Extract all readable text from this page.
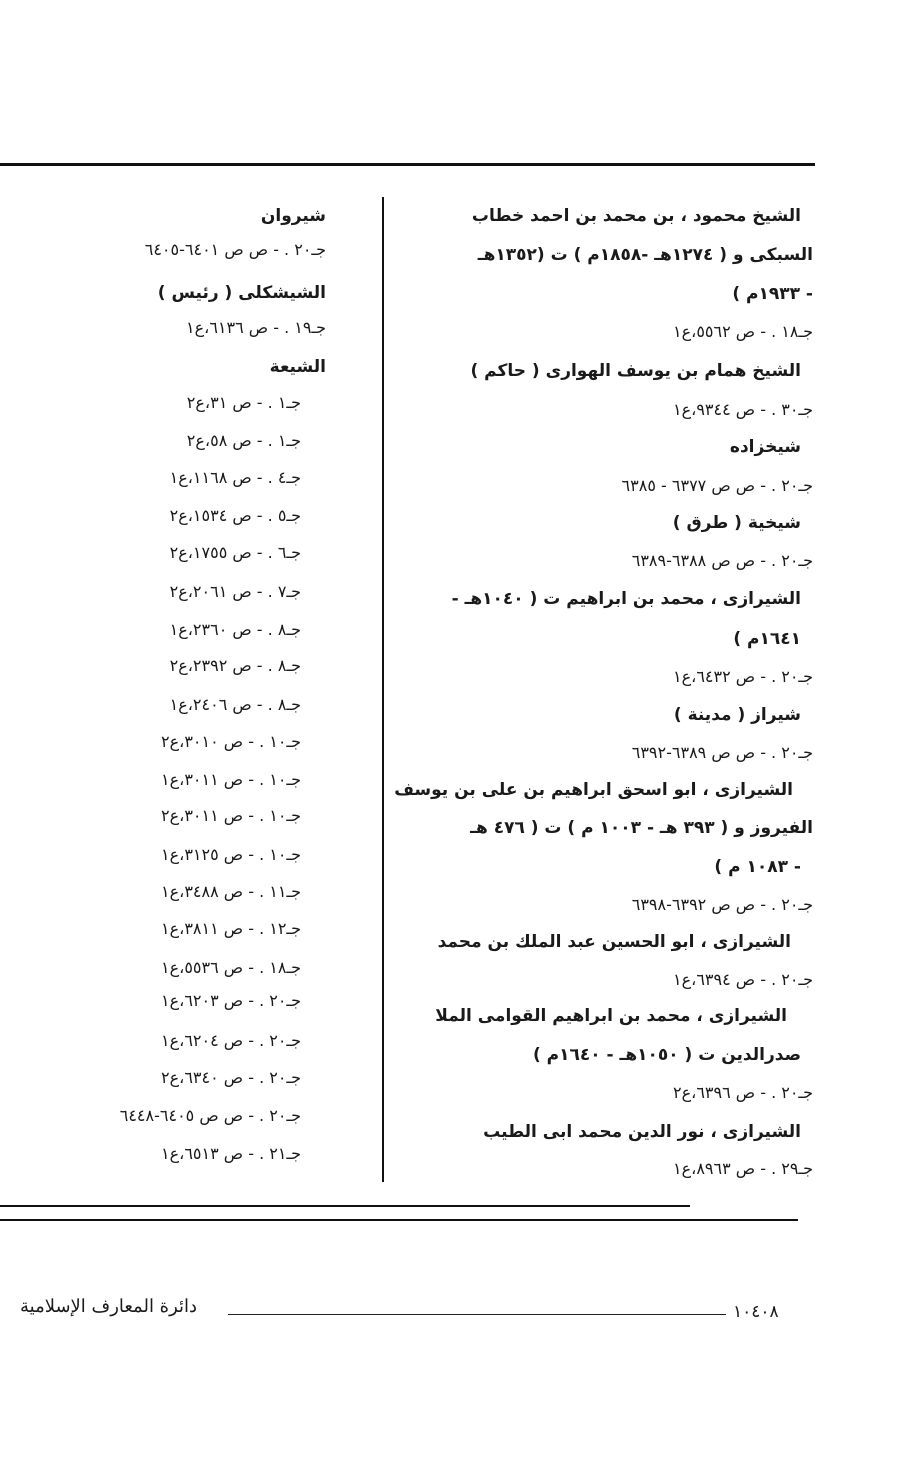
الشيخ محمود ، بن محمد بن احمد خطاب
السبكى و ( ١٢٧٤هـ -١٨٥٨م ) ت (١٣٥٢هـ
- ١٩٣٣م )
جـ١٨ . - ص ٥٥٦٢،ع١
الشيخ همام بن يوسف الهوارى ( حاكم )
جـ٣٠ . - ص ٩٣٤٤،ع١
شيخزاده
جـ٢٠ . - ص ص ٦٣٧٧ - ٦٣٨٥
شيخية ( طرق )
جـ٢٠ . - ص ص ٦٣٨٨-٦٣٨٩
الشيرازى ، محمد بن ابراهيم ت ( ١٠٤٠هـ -
١٦٤١م )
جـ٢٠ . - ص ٦٤٣٢،ع١
شيراز ( مدينة )
جـ٢٠ . - ص ص ٦٣٨٩-٦٣٩٢
الشيرازى ، ابو اسحق ابراهيم بن على بن يوسف
الفيروز و ( ٣٩٣ هـ - ١٠٠٣ م ) ت ( ٤٧٦ هـ
- ١٠٨٣ م )
جـ٢٠ . - ص ص ٦٣٩٢-٦٣٩٨
الشيرازى ، ابو الحسين عبد الملك بن محمد
جـ٢٠ . - ص ٦٣٩٤،ع١
الشيرازى ، محمد بن ابراهيم القوامى الملا
صدرالدين ت ( ١٠٥٠هـ - ١٦٤٠م )
جـ٢٠ . - ص ٦٣٩٦،ع٢
الشيرازى ، نور الدين محمد ابى الطيب
جـ٢٩ . - ص ٨٩٦٣،ع١
شيروان
جـ٢٠ . - ص ص ٦٤٠١-٦٤٠٥
الشيشكلى ( رئيس )
جـ١٩ . - ص ٦١٣٦،ع١
الشيعة
جـ١ . - ص ٣١،ع٢
جـ١ . - ص ٥٨،ع٢
جـ٤ . - ص ١١٦٨،ع١
جـ٥ . - ص ١٥٣٤،ع٢
جـ٦ . - ص ١٧٥٥،ع٢
جـ٧ . - ص ٢٠٦١،ع٢
جـ٨ . - ص ٢٣٦٠،ع١
جـ٨ . - ص ٢٣٩٢،ع٢
جـ٨ . - ص ٢٤٠٦،ع١
جـ١٠ . - ص ٣٠١٠،ع٢
جـ١٠ . - ص ٣٠١١،ع١
جـ١٠ . - ص ٣٠١١،ع٢
جـ١٠ . - ص ٣١٢٥،ع١
جـ١١ . - ص ٣٤٨٨،ع١
جـ١٢ . - ص ٣٨١١،ع١
جـ١٨ . - ص ٥٥٣٦،ع١
جـ٢٠ . - ص ٦٢٠٣،ع١
جـ٢٠ . - ص ٦٢٠٤،ع١
جـ٢٠ . - ص ٦٣٤٠،ع٢
جـ٢٠ . - ص ص ٦٤٠٥-٦٤٤٨
جـ٢١ . - ص ٦٥١٣،ع١
دائرة المعارف الإسلامية	١٠٤٠٨
